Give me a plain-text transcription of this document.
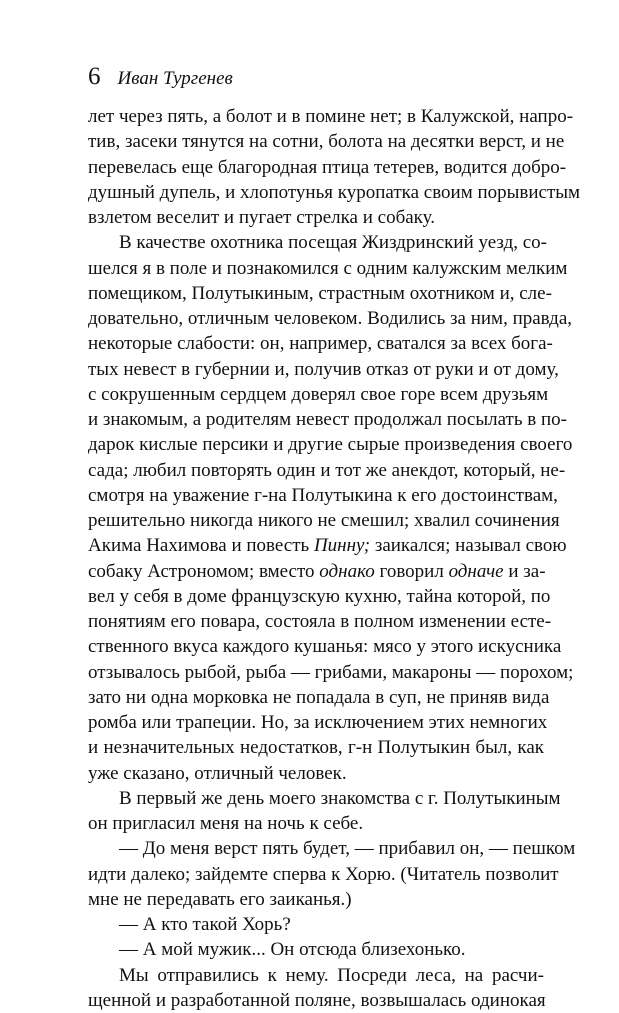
6 Иван Тургенев
лет через пять, а болот и в помине нет; в Калужской, напро-
тив, засеки тянутся на сотни, болота на десятки верст, и не
перевелась еще благородная птица тетерев, водится добро-
душный дупель, и хлопотунья куропатка своим порывистым
взлетом веселит и пугает стрелка и собаку.
В качестве охотника посещая Жиздринский уезд, со-
шелся я в поле и познакомился с одним калужским мелким
помещиком, Полутыкиным, страстным охотником и, сле-
довательно, отличным человеком. Водились за ним, правда,
некоторые слабости: он, например, сватался за всех бога-
тых невест в губернии и, получив отказ от руки и от дому,
с сокрушенным сердцем доверял свое горе всем друзьям
и знакомым, а родителям невест продолжал посылать в по-
дарок кислые персики и другие сырые произведения своего
сада; любил повторять один и тот же анекдот, который, не-
смотря на уважение г-на Полутыкина к его достоинствам,
решительно никогда никого не смешил; хвалил сочинения
Акима Нахимова и повесть Пинну; заикался; называл свою
собаку Астрономом; вместо однако говорил одначе и за-
вел у себя в доме французскую кухню, тайна которой, по
понятиям его повара, состояла в полном изменении есте-
ственного вкуса каждого кушанья: мясо у этого искусника
отзывалось рыбой, рыба — грибами, макароны — порохом;
зато ни одна морковка не попадала в суп, не приняв вида
ромба или трапеции. Но, за исключением этих немногих
и незначительных недостатков, г-н Полутыкин был, как
уже сказано, отличный человек.
В первый же день моего знакомства с г. Полутыкиным
он пригласил меня на ночь к себе.
— До меня верст пять будет, — прибавил он, — пешком
идти далеко; зайдемте сперва к Хорю. (Читатель позволит
мне не передавать его заиканья.)
— А кто такой Хорь?
— А мой мужик... Он отсюда близехонько.
Мы отправились к нему. Посреди леса, на расчи-
щенной и разработанной поляне, возвышалась одинокая
